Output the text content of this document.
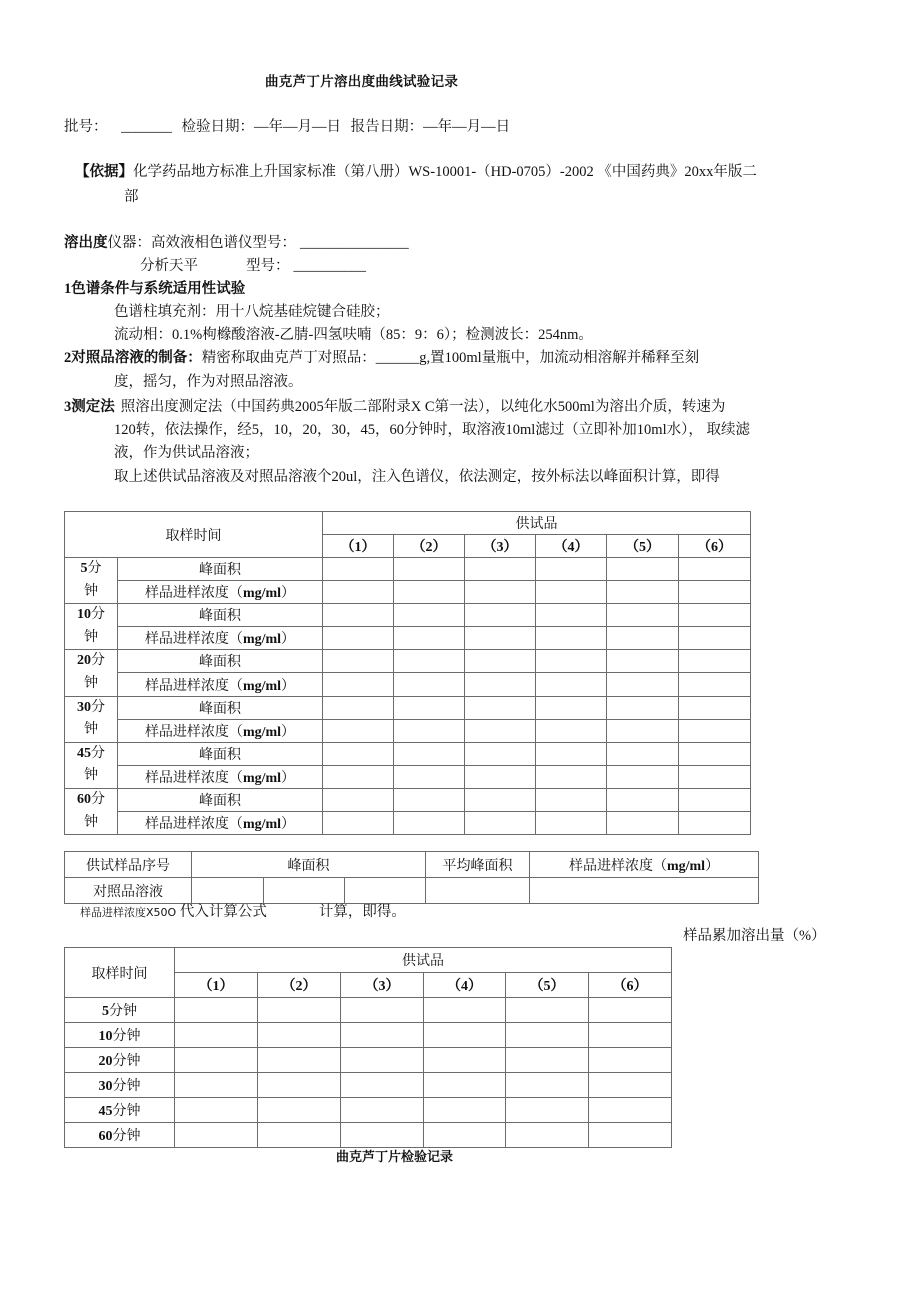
曲克芦丁片溶出度曲线试验记录
批号： _______ 检验日期：—年—月—日 报告日期：—年—月—日
【依据】化学药品地方标准上升国家标准（第八册）WS-10001-（HD-0705）-2002 《中国药典》20xx年版二
部
溶出度仪器：高效液相色谱仪型号： _______________
分析天平	型号： __________
1色谱条件与系统适用性试验
色谱柱填充剂：用十八烷基硅烷键合硅胶；
流动相：0.1%枸橼酸溶液-乙腈-四氢呋喃（85：9：6）；检测波长：254nm。
2对照品溶液的制备：精密称取曲克芦丁对照品：______g,置100ml量瓶中，加流动相溶解并稀释至刻
度，摇匀，作为对照品溶液。
3测定法 照溶出度测定法（中国药典2005年版二部附录X C第一法），以纯化水500ml为溶出介质，转速为
120转，依法操作，经5，10，20，30，45，60分钟时，取溶液10ml滤过（立即补加10ml水）， 取续滤
液，作为供试品溶液；
取上述供试品溶液及对照品溶液个20ul，注入色谱仪，依法测定，按外标法以峰面积计算，即得
取样时间		供试品					
		（1）	（2）	（3）	（4）	（5）	（6）

5分
钟	峰面积						
	样品进样浓度（mg/ml）						

10分
钟	峰面积						
	样品进样浓度（mg/ml）						

20分
钟	峰面积						
	样品进样浓度（mg/ml）						

30分
钟	峰面积						
	样品进样浓度（mg/ml）						

45分
钟	峰面积						
	样品进样浓度（mg/ml）						

60分
钟	峰面积						
	样品进样浓度（mg/ml）						
供试样品序号	峰面积			平均峰面积	样品进样浓度（mg/ml）
对照品溶液					
样品进样浓度X50O 代入计算公式	计算，即得。
样品累加溶出量（%）
取样时间	供试品					
	（1）	（2）	（3）	（4）	（5）	（6）
5分钟						
10分钟						
20分钟						
30分钟						
45分钟						
60分钟						
曲克芦丁片检验记录
